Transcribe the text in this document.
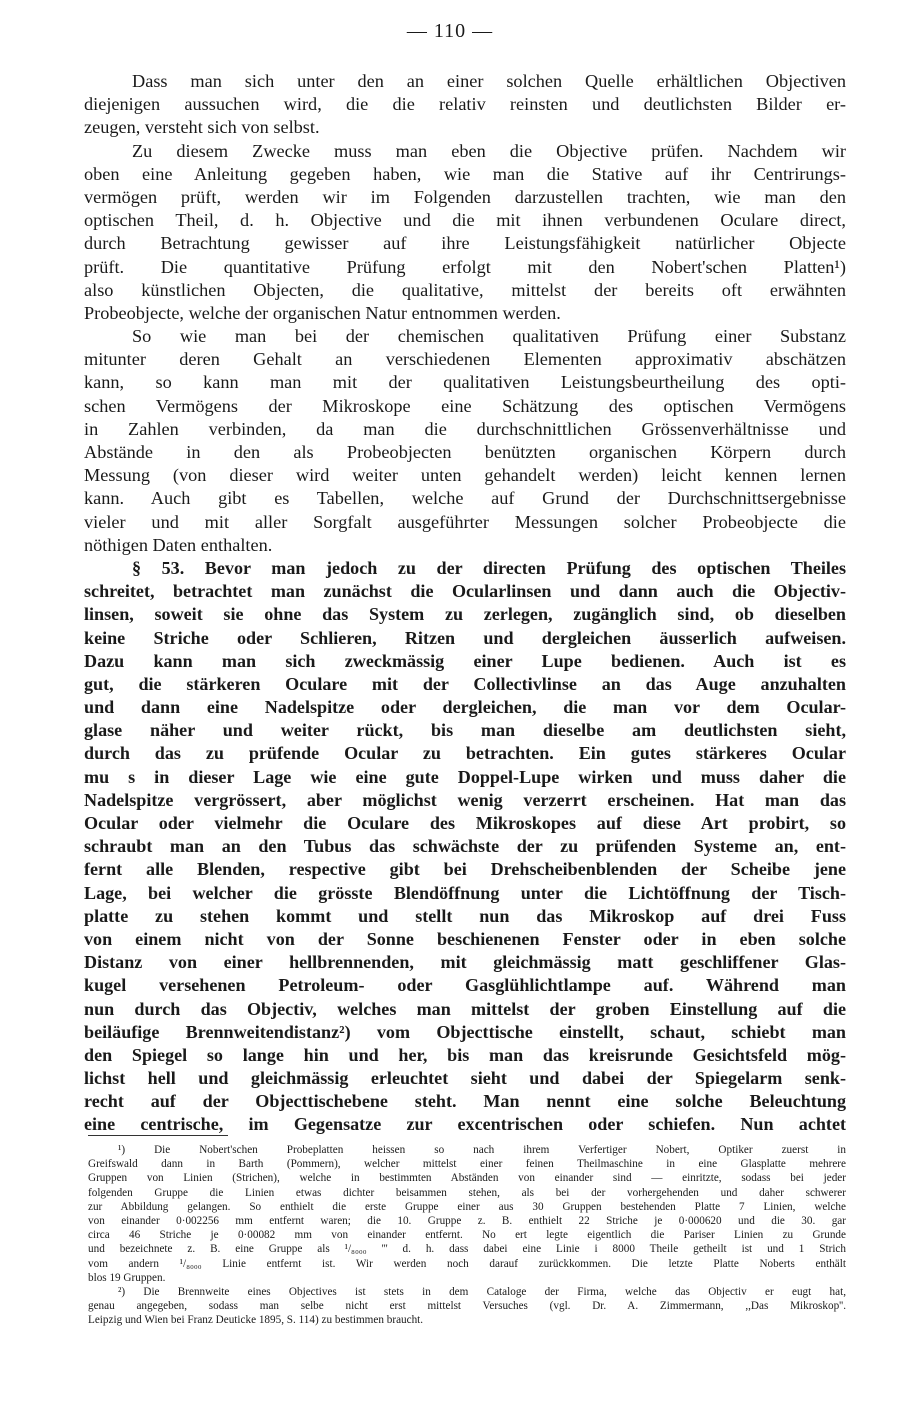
— 110 —
Dass man sich unter den an einer solchen Quelle erhältlichen Objectiven
diejenigen aussuchen wird, die die relativ reinsten und deutlichsten Bilder er-
zeugen, versteht sich von selbst.
Zu diesem Zwecke muss man eben die Objective prüfen. Nachdem wir
oben eine Anleitung gegeben haben, wie man die Stative auf ihr Centrirungs-
vermögen prüft, werden wir im Folgenden darzustellen trachten, wie man den
optischen Theil, d. h. Objective und die mit ihnen verbundenen Oculare direct,
durch Betrachtung gewisser auf ihre Leistungsfähigkeit natürlicher Objecte
prüft. Die quantitative Prüfung erfolgt mit den Nobert'schen Platten¹)
also künstlichen Objecten, die qualitative, mittelst der bereits oft erwähnten
Probeobjecte, welche der organischen Natur entnommen werden.
So wie man bei der chemischen qualitativen Prüfung einer Substanz
mitunter deren Gehalt an verschiedenen Elementen approximativ abschätzen
kann, so kann man mit der qualitativen Leistungsbeurtheilung des opti-
schen Vermögens der Mikroskope eine Schätzung des optischen Vermögens
in Zahlen verbinden, da man die durchschnittlichen Grössenverhältnisse und
Abstände in den als Probeobjecten benützten organischen Körpern durch
Messung (von dieser wird weiter unten gehandelt werden) leicht kennen lernen
kann. Auch gibt es Tabellen, welche auf Grund der Durchschnittsergebnisse
vieler und mit aller Sorgfalt ausgeführter Messungen solcher Probeobjecte die
nöthigen Daten enthalten.
§ 53. Bevor man jedoch zu der directen Prüfung des optischen Theiles
schreitet, betrachtet man zunächst die Ocularlinsen und dann auch die Objectiv-
linsen, soweit sie ohne das System zu zerlegen, zugänglich sind, ob dieselben
keine Striche oder Schlieren, Ritzen und dergleichen äusserlich aufweisen.
Dazu kann man sich zweckmässig einer Lupe bedienen. Auch ist es
gut, die stärkeren Oculare mit der Collectivlinse an das Auge anzuhalten
und dann eine Nadelspitze oder dergleichen, die man vor dem Ocular-
glase näher und weiter rückt, bis man dieselbe am deutlichsten sieht,
durch das zu prüfende Ocular zu betrachten. Ein gutes stärkeres Ocular
mu s in dieser Lage wie eine gute Doppel-Lupe wirken und muss daher die
Nadelspitze vergrössert, aber möglichst wenig verzerrt erscheinen. Hat man das
Ocular oder vielmehr die Oculare des Mikroskopes auf diese Art probirt, so
schraubt man an den Tubus das schwächste der zu prüfenden Systeme an, ent-
fernt alle Blenden, respective gibt bei Drehscheibenblenden der Scheibe jene
Lage, bei welcher die grösste Blendöffnung unter die Lichtöffnung der Tisch-
platte zu stehen kommt und stellt nun das Mikroskop auf drei Fuss
von einem nicht von der Sonne beschienenen Fenster oder in eben solche
Distanz von einer hellbrennenden, mit gleichmässig matt geschliffener Glas-
kugel versehenen Petroleum- oder Gasglühlichtlampe auf. Während man
nun durch das Objectiv, welches man mittelst der groben Einstellung auf die
beiläufige Brennweitendistanz²) vom Objecttische einstellt, schaut, schiebt man
den Spiegel so lange hin und her, bis man das kreisrunde Gesichtsfeld mög-
lichst hell und gleichmässig erleuchtet sieht und dabei der Spiegelarm senk-
recht auf der Objecttischebene steht. Man nennt eine solche Beleuchtung
eine centrische, im Gegensatze zur excentrischen oder schiefen. Nun achtet
¹) Die Nobert'schen Probeplatten heissen so nach ihrem Verfertiger Nobert, Optiker zuerst in
Greifswald dann in Barth (Pommern), welcher mittelst einer feinen Theilmaschine in eine Glasplatte mehrere
Gruppen von Linien (Strichen), welche in bestimmten Abständen von einander sind — einritzte, sodass bei jeder
folgenden Gruppe die Linien etwas dichter beisammen stehen, als bei der vorhergehenden und daher schwerer
zur Abbildung gelangen. So enthielt die erste Gruppe einer aus 30 Gruppen bestehenden Platte 7 Linien, welche
von einander 0·002256 mm entfernt waren; die 10. Gruppe z. B. enthielt 22 Striche je 0·000620 und die 30. gar
circa 46 Striche je 0·00082 mm von einander entfernt. No ert legte eigentlich die Pariser Linien zu Grunde
und bezeichnete z. B. eine Gruppe als ¹/₈₀₀₀ ''' d. h. dass dabei eine Linie i 8000 Theile getheilt ist und 1 Strich
vom andern ¹/₈₀₀₀ Linie entfernt ist. Wir werden noch darauf zurückkommen. Die letzte Platte Noberts enthält
blos 19 Gruppen.
²) Die Brennweite eines Objectives ist stets in dem Cataloge der Firma, welche das Objectiv er eugt hat,
genau angegeben, sodass man selbe nicht erst mittelst Versuches (vgl. Dr. A. Zimmermann, ,,Das Mikroskop''.
Leipzig und Wien bei Franz Deuticke 1895, S. 114) zu bestimmen braucht.
